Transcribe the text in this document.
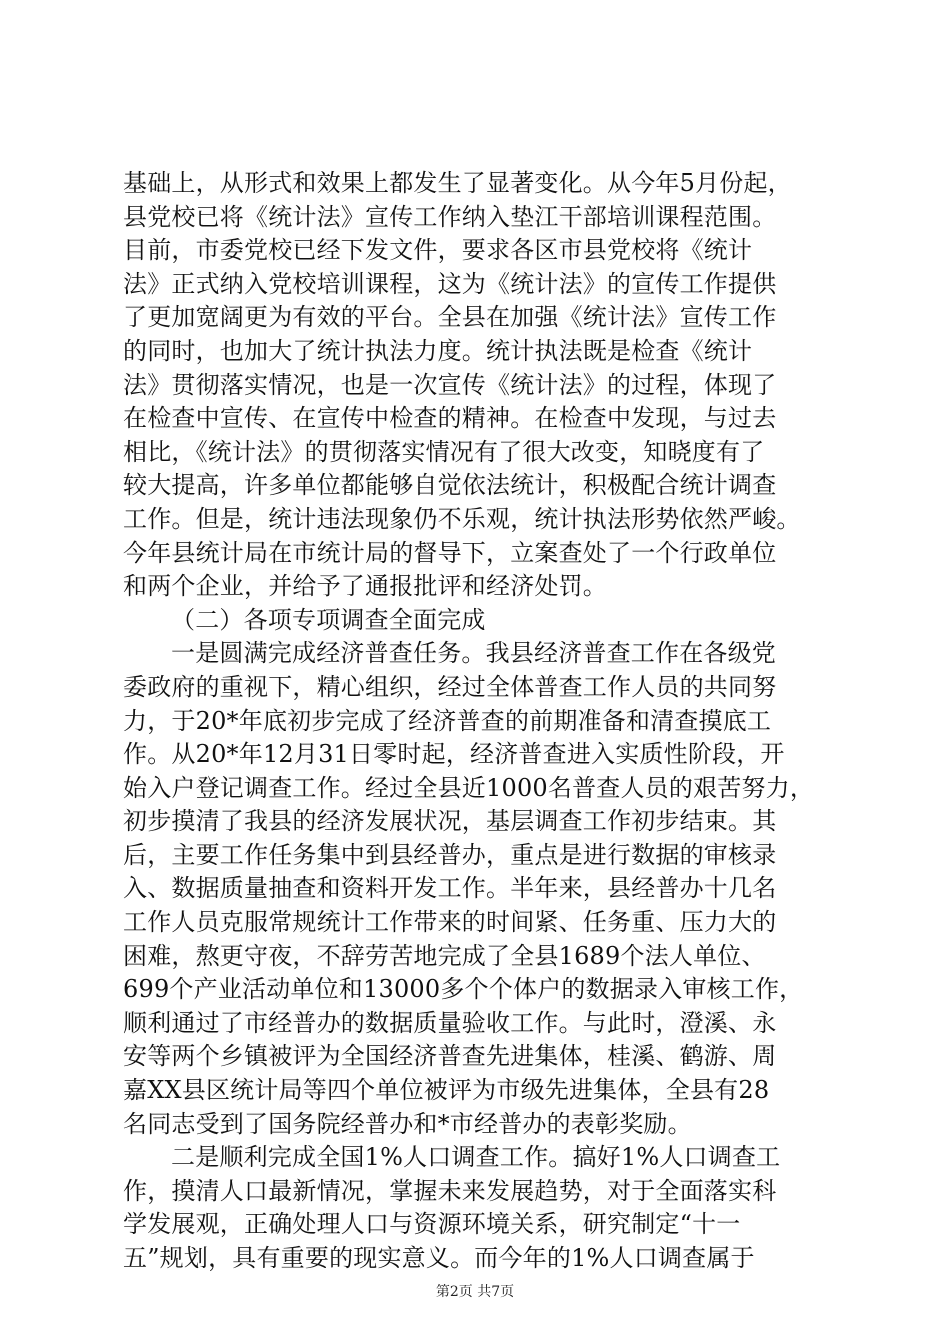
基础上，从形式和效果上都发生了显著变化。从今年5月份起，
县党校已将《统计法》宣传工作纳入垫江干部培训课程范围。
目前，市委党校已经下发文件，要求各区市县党校将《统计
法》正式纳入党校培训课程，这为《统计法》的宣传工作提供
了更加宽阔更为有效的平台。全县在加强《统计法》宣传工作
的同时，也加大了统计执法力度。统计执法既是检查《统计
法》贯彻落实情况，也是一次宣传《统计法》的过程，体现了
在检查中宣传、在宣传中检查的精神。在检查中发现，与过去
相比，《统计法》的贯彻落实情况有了很大改变，知晓度有了
较大提高，许多单位都能够自觉依法统计，积极配合统计调查
工作。但是，统计违法现象仍不乐观，统计执法形势依然严峻。
今年县统计局在市统计局的督导下，立案查处了一个行政单位
和两个企业，并给予了通报批评和经济处罚。
（二）各项专项调查全面完成
一是圆满完成经济普查任务。我县经济普查工作在各级党
委政府的重视下，精心组织，经过全体普查工作人员的共同努
力，于20*年底初步完成了经济普查的前期准备和清查摸底工
作。从20*年12月31日零时起，经济普查进入实质性阶段，开
始入户登记调查工作。经过全县近1000名普查人员的艰苦努力，
初步摸清了我县的经济发展状况，基层调查工作初步结束。其
后，主要工作任务集中到县经普办，重点是进行数据的审核录
入、数据质量抽查和资料开发工作。半年来，县经普办十几名
工作人员克服常规统计工作带来的时间紧、任务重、压力大的
困难，熬更守夜，不辞劳苦地完成了全县1689个法人单位、
699个产业活动单位和13000多个个体户的数据录入审核工作，
顺利通过了市经普办的数据质量验收工作。与此时，澄溪、永
安等两个乡镇被评为全国经济普查先进集体，桂溪、鹤游、周
嘉XX县区统计局等四个单位被评为市级先进集体，全县有28
名同志受到了国务院经普办和*市经普办的表彰奖励。
二是顺利完成全国1%人口调查工作。搞好1%人口调查工
作，摸清人口最新情况，掌握未来发展趋势，对于全面落实科
学发展观，正确处理人口与资源环境关系，研究制定“十一
五”规划，具有重要的现实意义。而今年的1%人口调查属于
第2页 共7页
